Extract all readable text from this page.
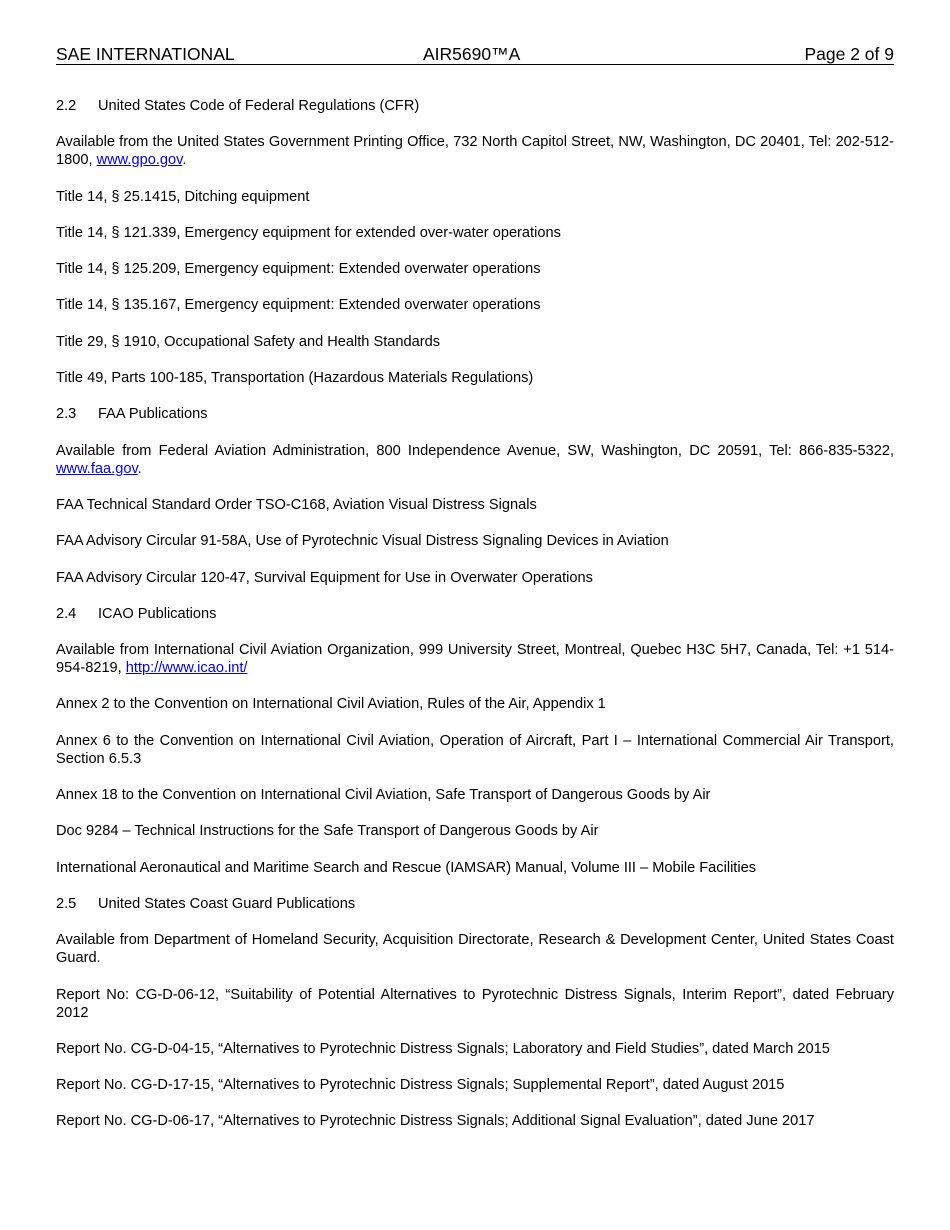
SAE INTERNATIONAL	AIR5690™A	Page 2 of 9

2.2 United States Code of Federal Regulations (CFR)

Available from the United States Government Printing Office, 732 North Capitol Street, NW, Washington, DC 20401, Tel: 202-512-1800, www.gpo.gov.

Title 14, § 25.1415, Ditching equipment

Title 14, § 121.339, Emergency equipment for extended over-water operations

Title 14, § 125.209, Emergency equipment: Extended overwater operations

Title 14, § 135.167, Emergency equipment: Extended overwater operations

Title 29, § 1910, Occupational Safety and Health Standards

Title 49, Parts 100-185, Transportation (Hazardous Materials Regulations)

2.3 FAA Publications

Available from Federal Aviation Administration, 800 Independence Avenue, SW, Washington, DC 20591, Tel: 866-835-5322, www.faa.gov.

FAA Technical Standard Order TSO-C168, Aviation Visual Distress Signals

FAA Advisory Circular 91-58A, Use of Pyrotechnic Visual Distress Signaling Devices in Aviation

FAA Advisory Circular 120-47, Survival Equipment for Use in Overwater Operations

2.4 ICAO Publications

Available from International Civil Aviation Organization, 999 University Street, Montreal, Quebec H3C 5H7, Canada, Tel: +1 514-954-8219, http://www.icao.int/

Annex 2 to the Convention on International Civil Aviation, Rules of the Air, Appendix 1

Annex 6 to the Convention on International Civil Aviation, Operation of Aircraft, Part I – International Commercial Air Transport, Section 6.5.3

Annex 18 to the Convention on International Civil Aviation, Safe Transport of Dangerous Goods by Air

Doc 9284 – Technical Instructions for the Safe Transport of Dangerous Goods by Air

International Aeronautical and Maritime Search and Rescue (IAMSAR) Manual, Volume III – Mobile Facilities

2.5 United States Coast Guard Publications

Available from Department of Homeland Security, Acquisition Directorate, Research & Development Center, United States Coast Guard.

Report No: CG-D-06-12, “Suitability of Potential Alternatives to Pyrotechnic Distress Signals, Interim Report”, dated February 2012

Report No. CG-D-04-15, “Alternatives to Pyrotechnic Distress Signals; Laboratory and Field Studies”, dated March 2015

Report No. CG-D-17-15, “Alternatives to Pyrotechnic Distress Signals; Supplemental Report”, dated August 2015

Report No. CG-D-06-17, “Alternatives to Pyrotechnic Distress Signals; Additional Signal Evaluation”, dated June 2017
